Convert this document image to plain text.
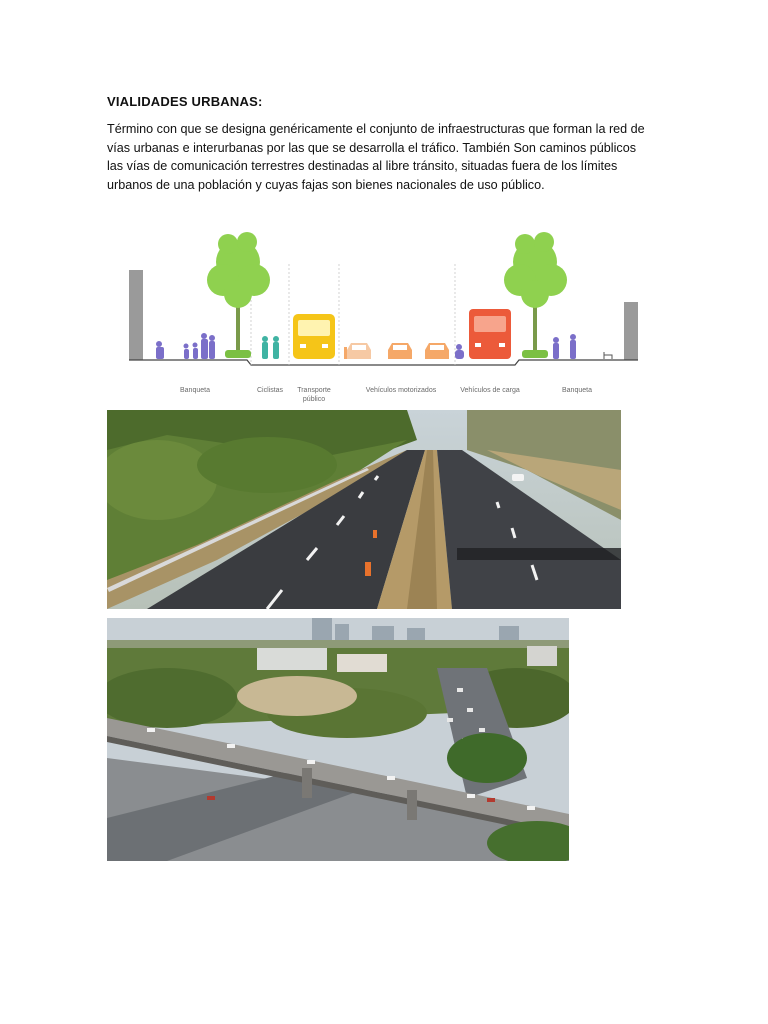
VIALIDADES URBANAS:

Término con que se designa genéricamente el conjunto de infraestructuras que forman la red de vías urbanas e interurbanas por las que se desarrolla el tráfico. También Son caminos públicos las vías de comunicación terrestres destinadas al libre tránsito, situadas fuera de los límites urbanos de una población y cuyas fajas son bienes nacionales de uso público.

Banqueta	Ciclistas Transporte
público
Vehículos motorizados	Vehículos de carga	Banqueta
